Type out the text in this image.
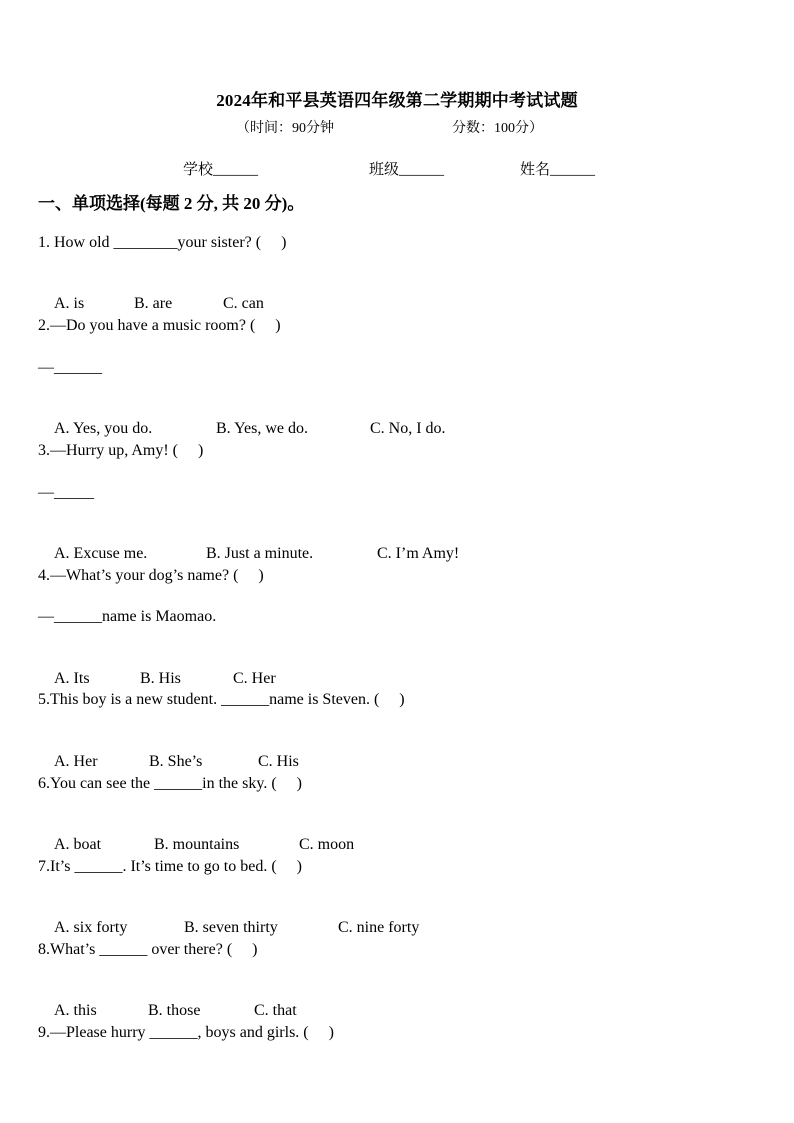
2024年和平县英语四年级第二学期期中考试试题
（时间：90分钟	分数：100分）
学校______	班级______	姓名______
一、单项选择(每题 2 分, 共 20 分)。
1. How old ________your sister? (     )

A. is	B. are	C. can

2.—Do you have a music room? (     )
—______

A. Yes, you do.	B. Yes, we do.	C. No, I do.

3.—Hurry up, Amy! (     )
—_____

A. Excuse me.	B. Just a minute.	C. I’m Amy!

4.—What’s your dog’s name? (     )
—______name is Maomao.

A. Its	B. His	C. Her

5.This boy is a new student. ______name is Steven. (     )

A. Her	B. She’s	C. His

6.You can see the ______in the sky. (     )

A. boat	B. mountains	C. moon

7.It’s ______. It’s time to go to bed. (     )

A. six forty	B. seven thirty	C. nine forty

8.What’s ______ over there? (     )

A. this	B. those	C. that

9.—Please hurry ______, boys and girls. (     )
